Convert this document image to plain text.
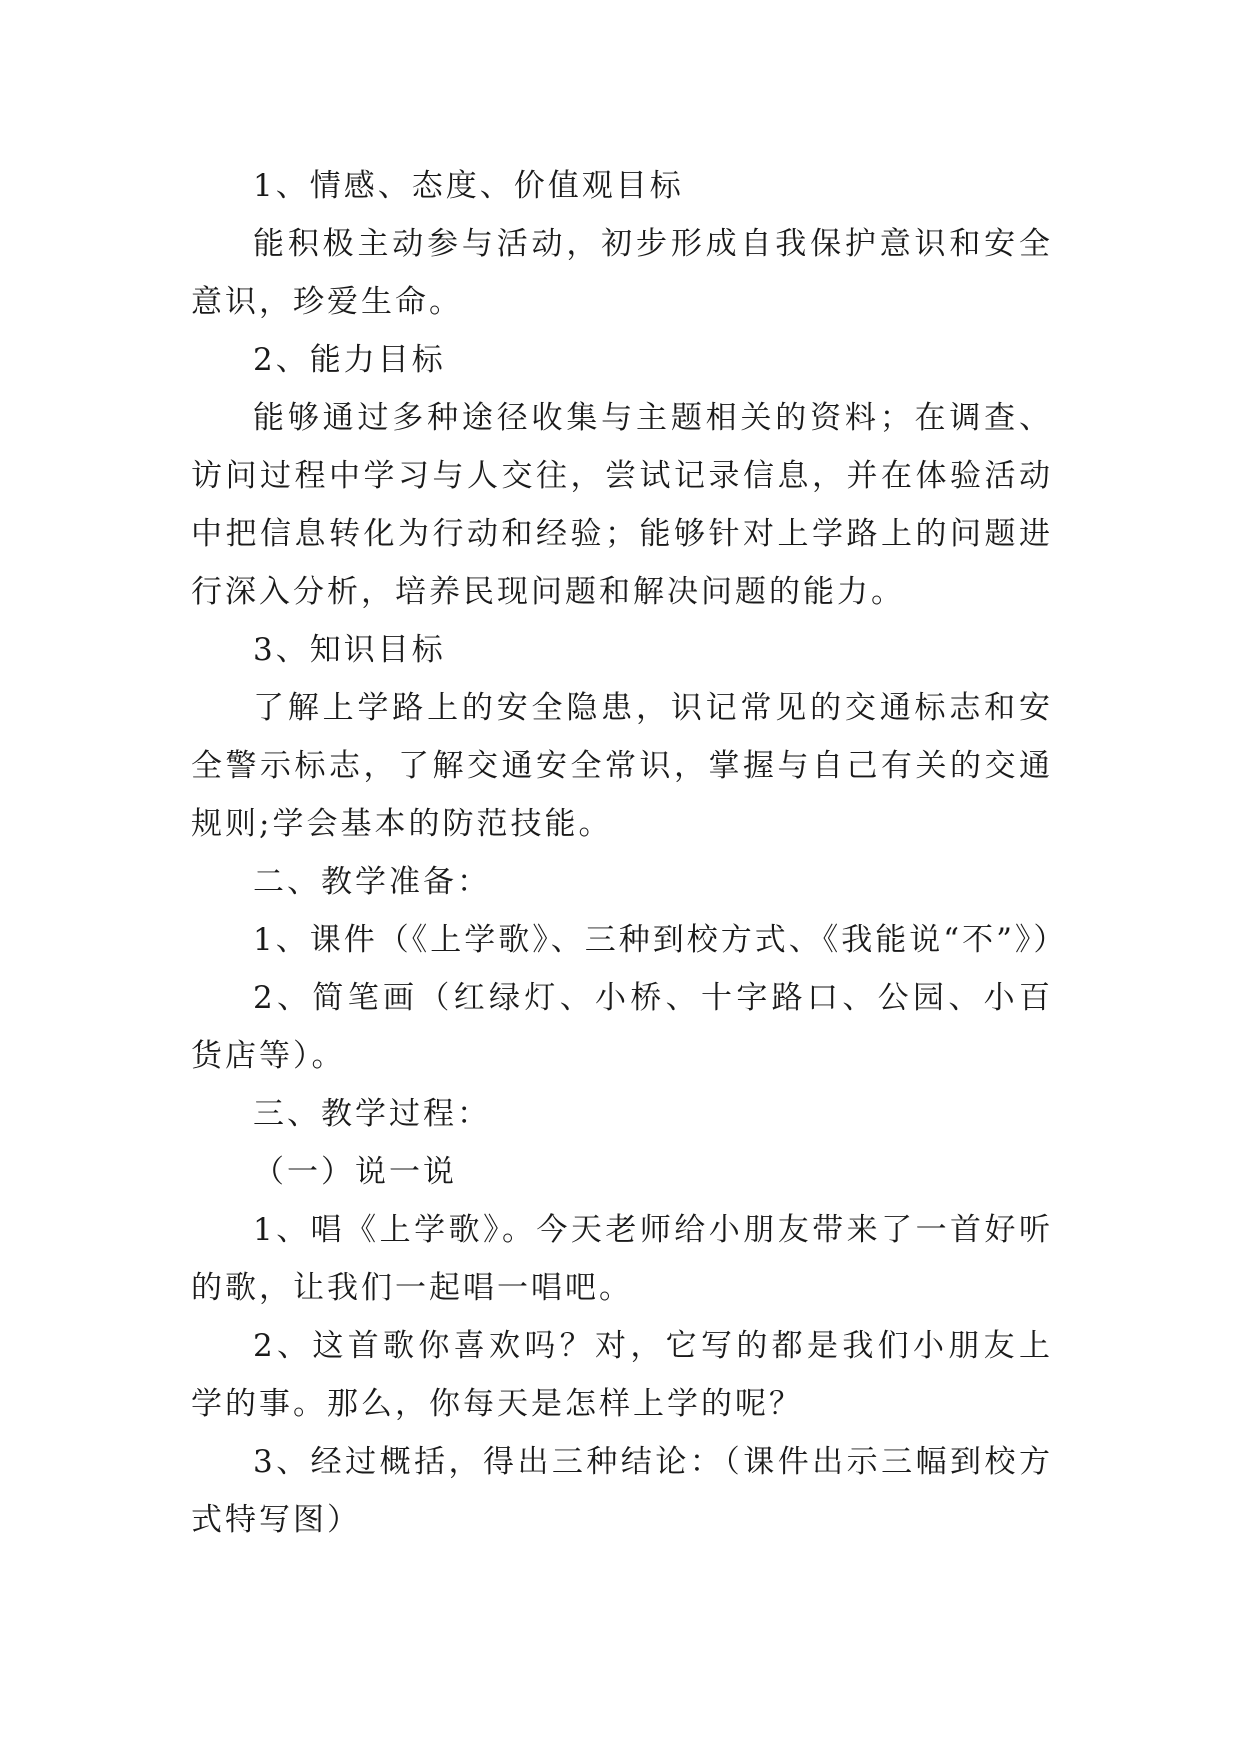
1、情感、态度、价值观目标

能积极主动参与活动，初步形成自我保护意识和安全意识，珍爱生命。

2、能力目标

能够通过多种途径收集与主题相关的资料；在调查、访问过程中学习与人交往，尝试记录信息，并在体验活动中把信息转化为行动和经验；能够针对上学路上的问题进行深入分析，培养民现问题和解决问题的能力。

3、知识目标

了解上学路上的安全隐患，识记常见的交通标志和安全警示标志，了解交通安全常识，掌握与自己有关的交通规则;学会基本的防范技能。

二、教学准备：

1、课件（《上学歌》、三种到校方式、《我能说“不”》）

2、简笔画（红绿灯、小桥、十字路口、公园、小百货店等）。

三、教学过程：

（一）说一说

1、唱《上学歌》。今天老师给小朋友带来了一首好听的歌，让我们一起唱一唱吧。

2、这首歌你喜欢吗？对，它写的都是我们小朋友上学的事。那么，你每天是怎样上学的呢？

3、经过概括，得出三种结论：（课件出示三幅到校方式特写图）
